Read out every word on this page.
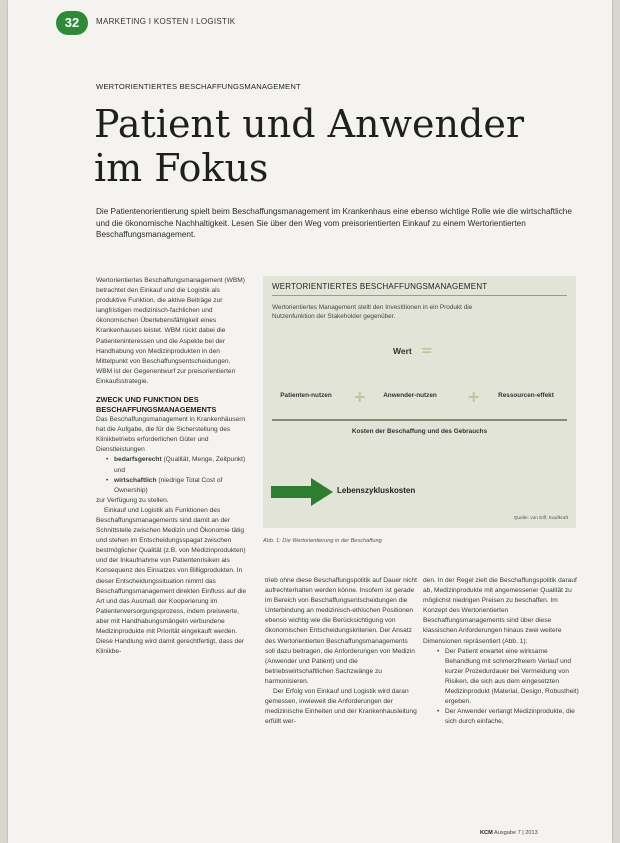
32	MARKETING I KOSTEN I LOGISTIK
WERTORIENTIERTES BESCHAFFUNGSMANAGEMENT
Patient und Anwender
im Fokus
Die Patientenorientierung spielt beim Beschaffungsmanagement im Krankenhaus eine ebenso wichtige Rolle wie die wirtschaftliche und die ökonomische Nachhaltigkeit. Lesen Sie über den Weg vom preisorientierten Einkauf zu einem Wertorientierten Beschaffungsmanagement.

Wertorientiertes Beschaffungsmanagement (WBM) betrachtet den Einkauf und die Logistik als produktive Funktion, die aktive Beiträge zur langfristigen medizinisch-fachlichen und ökonomischen Überlebensfähigkeit eines Krankenhauses leistet. WBM rückt dabei die Patienteninteressen und die Aspekte bei der Handhabung von Medizinprodukten in den Mittelpunkt von Beschaffungsentscheidungen. WBM ist der Gegenentwurf zur preisorientierten Einkaufsstrategie.

ZWECK UND FUNKTION DES BESCHAFFUNGSMANAGEMENTS

Das Beschaffungsmanagement in Krankenhäusern hat die Aufgabe, die für die Sicherstellung des Klinikbetriebs erforderlichen Güter und Dienstleistungen

• bedarfsgerecht (Qualität, Menge, Zeitpunkt) und
• wirtschaftlich (niedrige Total Cost of Ownership)

zur Verfügung zu stellen.

Einkauf und Logistik als Funktionen des Beschaffungsmanagements sind damit an der Schnittstelle zwischen Medizin und Ökonomie tätig und stehen im Entscheidungsspagat zwischen bestmöglicher Qualität (z.B. von Medizinprodukten) und der Inkaufnahme von Patientenrisiken als Konsequenz des Einsatzes von Billigprodukten. In dieser Entscheidungssituation nimmt das Beschaffungsmanagement direkten Einfluss auf die Art und das Ausmaß der Kooperierung im Patientenversorgungsprozess, indem preiswerte, aber mit Handhabungsmängeln verbundene Medizinprodukte mit Priorität eingekauft werden. Diese Handlung wird damit gerechtfertigt, dass der Klinikbe-

WERTORIENTIERTES BESCHAFFUNGSMANAGEMENT
Wertorientiertes Management stellt den Investitionen in ein Produkt die Nutzenfunktion der Stakeholder gegenüber.
Wert =
Patienten-nutzen	+	Anwender-nutzen	+	Ressourcen-effekt
Kosten der Beschaffung und des Gebrauchs
Lebenszykluskosten
Quelle: von Eiff, Kaufkraft
Abb. 1: Die Wertorientierung in der Beschaffung

trieb ohne diese Beschaffungspolitik auf Dauer nicht aufrechterhalten werden könne. Insofern ist gerade im Bereich von Beschaffungsentscheidungen die Unterbindung an medizinisch-ethischen Positionen ebenso wichtig wie die Berücksichtigung von ökonomischen Entscheidungskriterien. Der Ansatz des Wertorientierten Beschaffungsmanagements soll dazu beitragen, die Anforderungen von Medizin (Anwender und Patient) und die betriebswirtschaftlichen Sachzwänge zu harmonisieren.

Der Erfolg von Einkauf und Logistik wird daran gemessen, inwieweit die Anforderungen der medizinische Einheiten und der Krankenhausleitung erfüllt wer-

den. In der Regel zielt die Beschaffungspolitik darauf ab, Medizinprodukte mit angemessener Qualität zu möglichst niedrigen Preisen zu beschaffen. Im Konzept des Wertorientierten Beschaffungsmanagements sind über diese klassischen Anforderungen hinaus zwei weitere Dimensionen repräsentiert (Abb. 1):

• Der Patient erwartet eine wirksame Behandlung mit schmerzfreiem Verlauf und kurzer Prozedurdauer bei Vermeidung von Risiken, die sich aus dem eingesetzten Medizinprodukt (Material, Design, Robustheit) ergeben.
• Der Anwender verlangt Medizinprodukte, die sich durch einfache,
KCM Ausgabe 7 | 2013
